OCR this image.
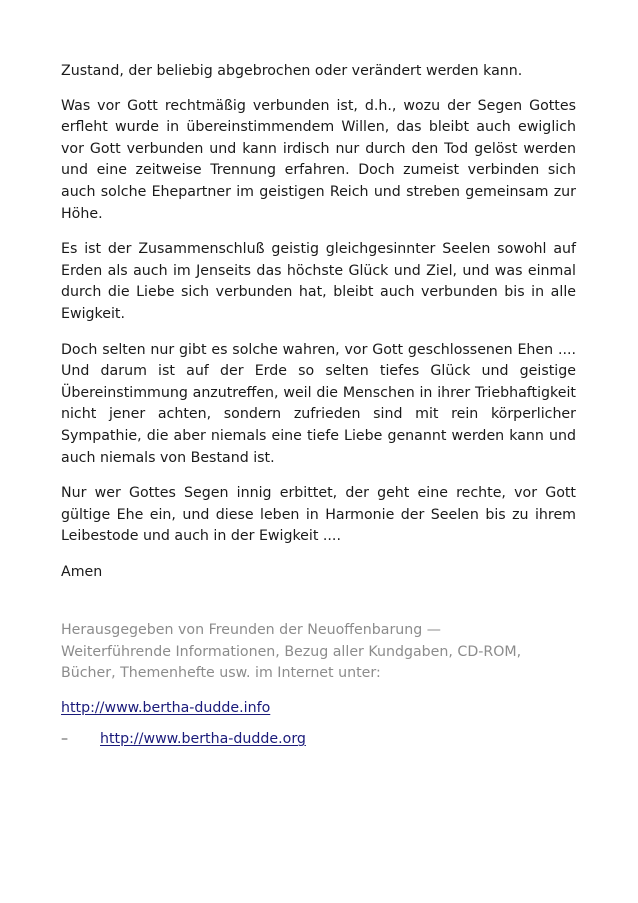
Zustand, der beliebig abgebrochen oder verändert werden kann.

Was vor Gott rechtmäßig verbunden ist, d.h., wozu der Segen Gottes erfleht wurde in übereinstimmendem Willen, das bleibt auch ewiglich vor Gott verbunden und kann irdisch nur durch den Tod gelöst werden und eine zeitweise Trennung erfahren. Doch zumeist verbinden sich auch solche Ehepartner im geistigen Reich und streben gemeinsam zur Höhe.

Es ist der Zusammenschluß geistig gleichgesinnter Seelen sowohl auf Erden als auch im Jenseits das höchste Glück und Ziel, und was einmal durch die Liebe sich verbunden hat, bleibt auch verbunden bis in alle Ewigkeit.

Doch selten nur gibt es solche wahren, vor Gott geschlossenen Ehen .... Und darum ist auf der Erde so selten tiefes Glück und geistige Übereinstimmung anzutreffen, weil die Menschen in ihrer Triebhaftigkeit nicht jener achten, sondern zufrieden sind mit rein körperlicher Sympathie, die aber niemals eine tiefe Liebe genannt werden kann und auch niemals von Bestand ist.

Nur wer Gottes Segen innig erbittet, der geht eine rechte, vor Gott gültige Ehe ein, und diese leben in Harmonie der Seelen bis zu ihrem Leibestode und auch in der Ewigkeit ....

Amen

Herausgegeben von Freunden der Neuoffenbarung —
Weiterführende Informationen, Bezug aller Kundgaben, CD-ROM,
Bücher, Themenhefte usw. im Internet unter:
http://www.bertha-dudde.info
–	http://www.bertha-dudde.org
